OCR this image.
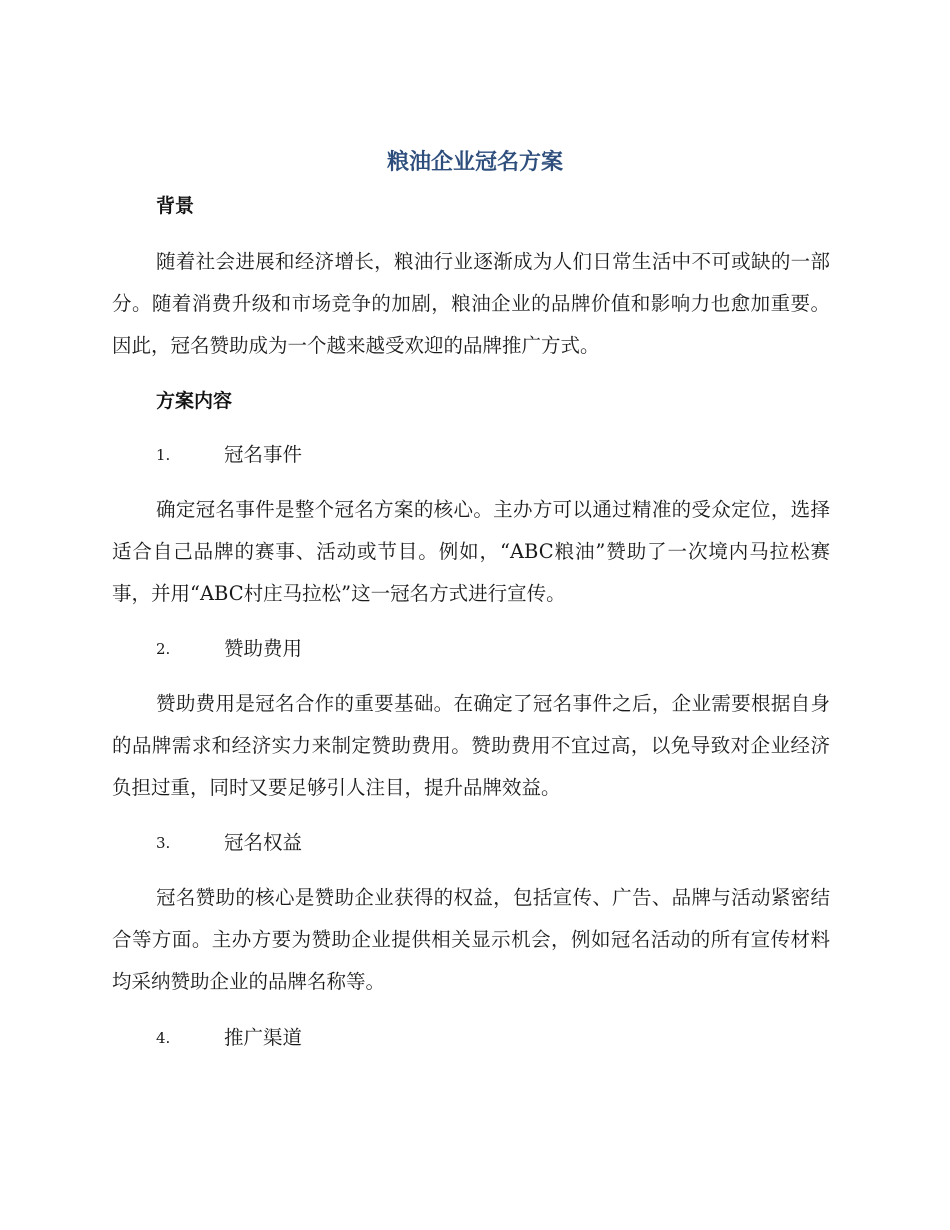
粮油企业冠名方案
背景

随着社会进展和经济增长，粮油行业逐渐成为人们日常生活中不可或缺的一部分。随着消费升级和市场竞争的加剧，粮油企业的品牌价值和影响力也愈加重要。因此，冠名赞助成为一个越来越受欢迎的品牌推广方式。

方案内容
1.	冠名事件

确定冠名事件是整个冠名方案的核心。主办方可以通过精准的受众定位，选择适合自己品牌的赛事、活动或节目。例如，“ABC粮油”赞助了一次境内马拉松赛事，并用“ABC村庄马拉松”这一冠名方式进行宣传。

2.	赞助费用

赞助费用是冠名合作的重要基础。在确定了冠名事件之后，企业需要根据自身的品牌需求和经济实力来制定赞助费用。赞助费用不宜过高，以免导致对企业经济负担过重，同时又要足够引人注目，提升品牌效益。

3.	冠名权益

冠名赞助的核心是赞助企业获得的权益，包括宣传、广告、品牌与活动紧密结合等方面。主办方要为赞助企业提供相关显示机会，例如冠名活动的所有宣传材料均采纳赞助企业的品牌名称等。

4.	推广渠道
